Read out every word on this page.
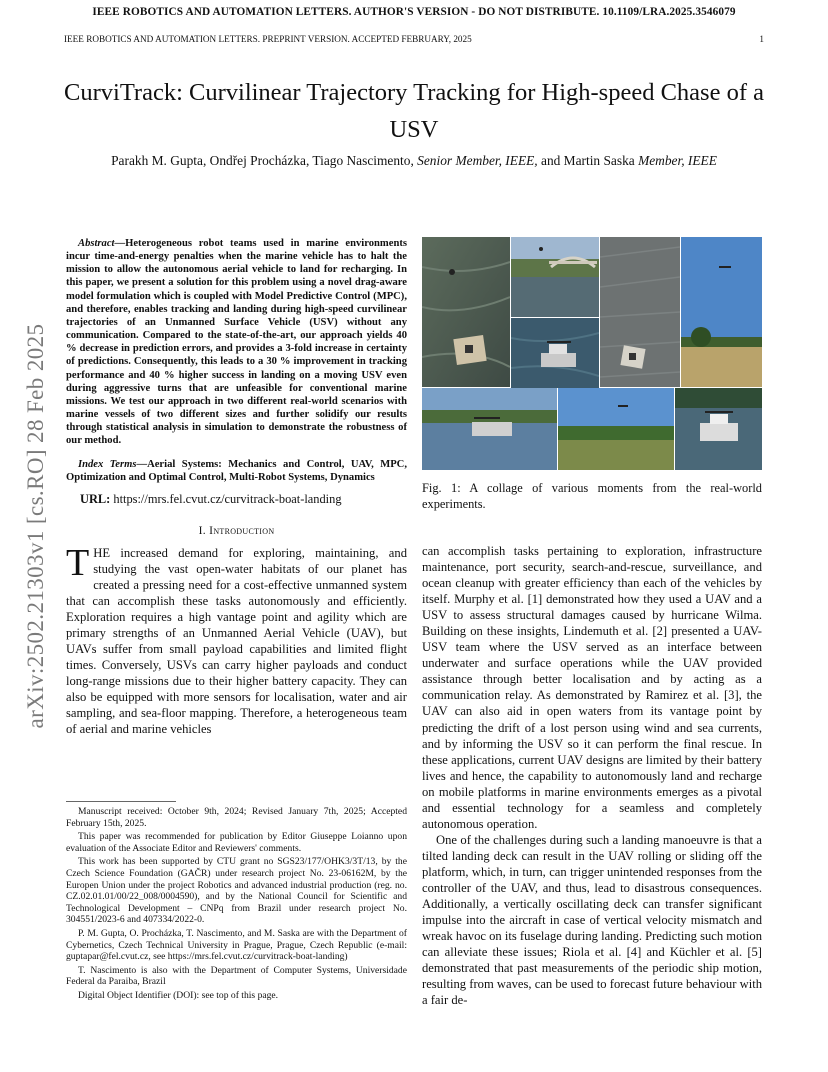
IEEE ROBOTICS AND AUTOMATION LETTERS. AUTHOR'S VERSION - DO NOT DISTRIBUTE. 10.1109/LRA.2025.3546079
IEEE ROBOTICS AND AUTOMATION LETTERS. PREPRINT VERSION. ACCEPTED FEBRUARY, 2025	1
arXiv:2502.21303v1 [cs.RO] 28 Feb 2025
CurviTrack: Curvilinear Trajectory Tracking for High-speed Chase of a USV
Parakh M. Gupta, Ondřej Procházka, Tiago Nascimento, Senior Member, IEEE, and Martin Saska Member, IEEE

Abstract—Heterogeneous robot teams used in marine environments incur time-and-energy penalties when the marine vehicle has to halt the mission to allow the autonomous aerial vehicle to land for recharging. In this paper, we present a solution for this problem using a novel drag-aware model formulation which is coupled with Model Predictive Control (MPC), and therefore, enables tracking and landing during high-speed curvilinear trajectories of an Unmanned Surface Vehicle (USV) without any communication. Compared to the state-of-the-art, our approach yields 40 % decrease in prediction errors, and provides a 3-fold increase in certainty of predictions. Consequently, this leads to a 30 % improvement in tracking performance and 40 % higher success in landing on a moving USV even during aggressive turns that are unfeasible for conventional marine missions. We test our approach in two different real-world scenarios with marine vessels of two different sizes and further solidify our results through statistical analysis in simulation to demonstrate the robustness of our method.

Index Terms—Aerial Systems: Mechanics and Control, UAV, MPC, Optimization and Optimal Control, Multi-Robot Systems, Dynamics

URL: https://mrs.fel.cvut.cz/curvitrack-boat-landing
I. Introduction

THE increased demand for exploring, maintaining, and studying the vast open-water habitats of our planet has created a pressing need for a cost-effective unmanned system that can accomplish these tasks autonomously and efficiently. Exploration requires a high vantage point and agility which are primary strengths of an Unmanned Aerial Vehicle (UAV), but UAVs suffer from small payload capabilities and limited flight times. Conversely, USVs can carry higher payloads and conduct long-range missions due to their higher battery capacity. They can also be equipped with more sensors for localisation, water and air sampling, and sea-floor mapping. Therefore, a heterogeneous team of aerial and marine vehicles

Manuscript received: October 9th, 2024; Revised January 7th, 2025; Accepted February 15th, 2025.

This paper was recommended for publication by Editor Giuseppe Loianno upon evaluation of the Associate Editor and Reviewers' comments.

This work has been supported by CTU grant no SGS23/177/OHK3/3T/13, by the Czech Science Foundation (GAČR) under research project No. 23-06162M, by the Europen Union under the project Robotics and advanced industrial production (reg. no. CZ.02.01.01/00/22_008/0004590), and by the National Council for Scientific and Technological Development – CNPq from Brazil under research project No. 304551/2023-6 and 407334/2022-0.

P. M. Gupta, O. Procházka, T. Nascimento, and M. Saska are with the Department of Cybernetics, Czech Technical University in Prague, Prague, Czech Republic (e-mail: guptapar@fel.cvut.cz, see https://mrs.fel.cvut.cz/curvitrack-boat-landing)

T. Nascimento is also with the Department of Computer Systems, Universidade Federal da Paraiba, Brazil

Digital Object Identifier (DOI): see top of this page.

Fig. 1: A collage of various moments from the real-world experiments.

can accomplish tasks pertaining to exploration, infrastructure maintenance, port security, search-and-rescue, surveillance, and ocean cleanup with greater efficiency than each of the vehicles by itself. Murphy et al. [1] demonstrated how they used a UAV and a USV to assess structural damages caused by hurricane Wilma. Building on these insights, Lindemuth et al. [2] presented a UAV-USV team where the USV served as an interface between underwater and surface operations while the UAV provided assistance through better localisation and by acting as a communication relay. As demonstrated by Ramirez et al. [3], the UAV can also aid in open waters from its vantage point by predicting the drift of a lost person using wind and sea currents, and by informing the USV so it can perform the final rescue. In these applications, current UAV designs are limited by their battery lives and hence, the capability to autonomously land and recharge on mobile platforms in marine environments emerges as a pivotal and essential technology for a seamless and completely autonomous operation.

One of the challenges during such a landing manoeuvre is that a tilted landing deck can result in the UAV rolling or sliding off the platform, which, in turn, can trigger unintended responses from the controller of the UAV, and thus, lead to disastrous consequences. Additionally, a vertically oscillating deck can transfer significant impulse into the aircraft in case of vertical velocity mismatch and wreak havoc on its fuselage during landing. Predicting such motion can alleviate these issues; Riola et al. [4] and Küchler et al. [5] demonstrated that past measurements of the periodic ship motion, resulting from waves, can be used to forecast future behaviour with a fair de-
